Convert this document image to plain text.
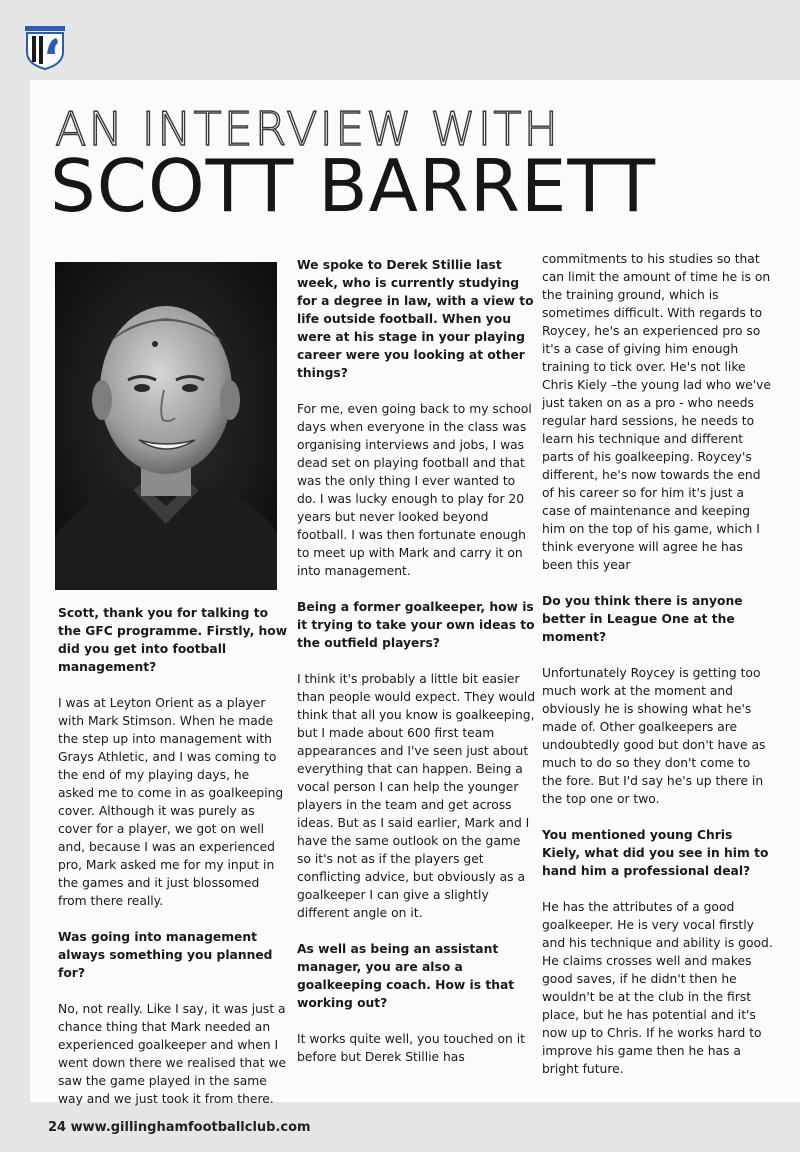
AN INTERVIEW WITH
SCOTT BARRETT

Scott, thank you for talking to the GFC programme. Firstly, how did you get into football management?

I was at Leyton Orient as a player with Mark Stimson. When he made the step up into management with Grays Athletic, and I was coming to the end of my playing days, he asked me to come in as goalkeeping cover. Although it was purely as cover for a player, we got on well and, because I was an experienced pro, Mark asked me for my input in the games and it just blossomed from there really.

Was going into management always something you planned for?

No, not really. Like I say, it was just a chance thing that Mark needed an experienced goalkeeper and when I went down there we realised that we saw the game played in the same way and we just took it from there.

We spoke to Derek Stillie last week, who is currently studying for a degree in law, with a view to life outside football. When you were at his stage in your playing career were you looking at other things?

For me, even going back to my school days when everyone in the class was organising interviews and jobs, I was dead set on playing football and that was the only thing I ever wanted to do. I was lucky enough to play for 20 years but never looked beyond football. I was then fortunate enough to meet up with Mark and carry it on into management.

Being a former goalkeeper, how is it trying to take your own ideas to the outfield players?

I think it's probably a little bit easier than people would expect. They would think that all you know is goalkeeping, but I made about 600 first team appearances and I've seen just about everything that can happen. Being a vocal person I can help the younger players in the team and get across ideas. But as I said earlier, Mark and I have the same outlook on the game so it's not as if the players get conflicting advice, but obviously as a goalkeeper I can give a slightly different angle on it.

As well as being an assistant manager, you are also a goalkeeping coach. How is that working out?

It works quite well, you touched on it before but Derek Stillie has

commitments to his studies so that can limit the amount of time he is on the training ground, which is sometimes difficult. With regards to Roycey, he's an experienced pro so it's a case of giving him enough training to tick over. He's not like Chris Kiely –the young lad who we've just taken on as a pro - who needs regular hard sessions, he needs to learn his technique and different parts of his goalkeeping. Roycey's different, he's now towards the end of his career so for him it's just a case of maintenance and keeping him on the top of his game, which I think everyone will agree he has been this year

Do you think there is anyone better in League One at the moment?

Unfortunately Roycey is getting too much work at the moment and obviously he is showing what he's made of. Other goalkeepers are undoubtedly good but don't have as much to do so they don't come to the fore. But I'd say he's up there in the top one or two.

You mentioned young Chris Kiely, what did you see in him to hand him a professional deal?

He has the attributes of a good goalkeeper. He is very vocal firstly and his technique and ability is good. He claims crosses well and makes good saves, if he didn't then he wouldn't be at the club in the first place, but he has potential and it's now up to Chris. If he works hard to improve his game then he has a bright future.

24 www.gillinghamfootballclub.com
